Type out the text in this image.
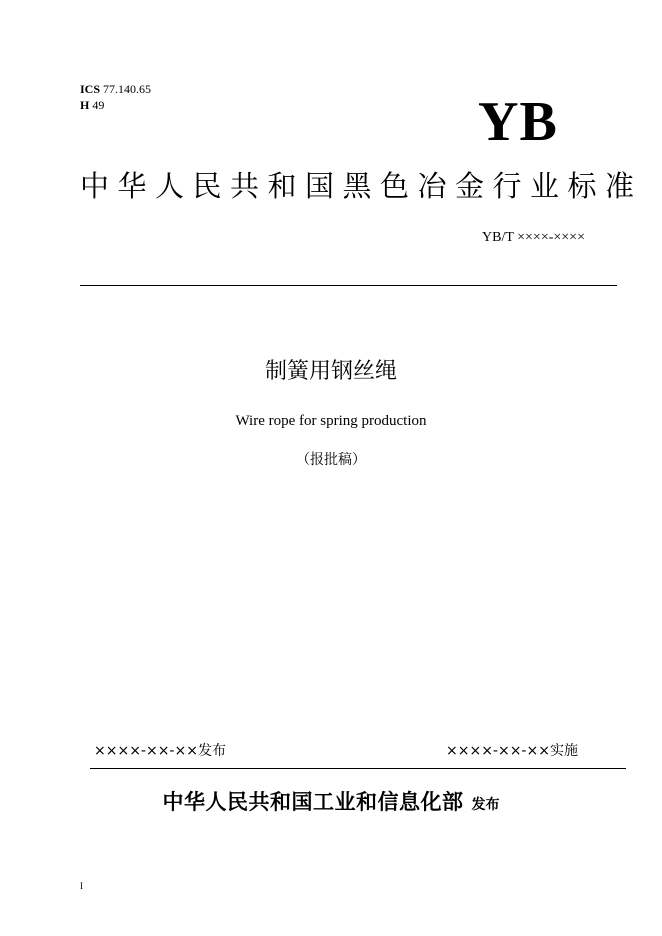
ICS 77.140.65
H 49	YB
中华人民共和国黑色冶金行业标准
YB/T ××××-××××
制簧用钢丝绳
Wire rope for spring production
（报批稿）
××××-××-××发布	××××-××-××实施
中华人民共和国工业和信息化部 发布
I
